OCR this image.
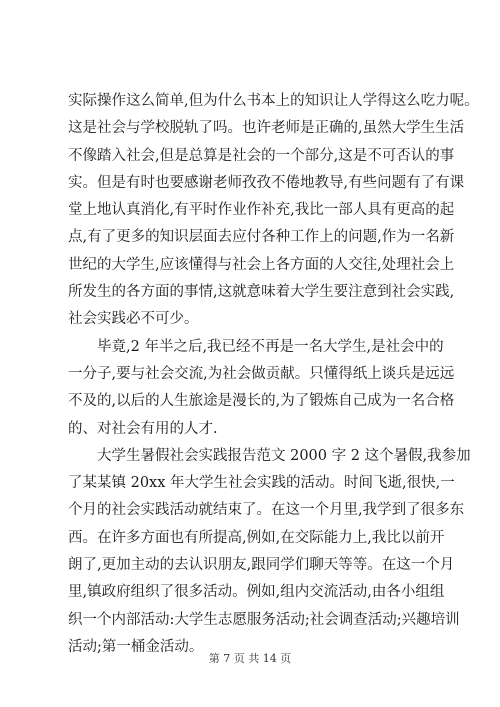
实际操作这么简单,但为什么书本上的知识让人学得这么吃力呢。
这是社会与学校脱轨了吗。也许老师是正确的,虽然大学生生活
不像踏入社会,但是总算是社会的一个部分,这是不可否认的事
实。但是有时也要感谢老师孜孜不倦地教导,有些问题有了有课
堂上地认真消化,有平时作业作补充,我比一部人具有更高的起
点,有了更多的知识层面去应付各种工作上的问题,作为一名新
世纪的大学生,应该懂得与社会上各方面的人交往,处理社会上
所发生的各方面的事情,这就意味着大学生要注意到社会实践,
社会实践必不可少。
毕竟,2 年半之后,我已经不再是一名大学生,是社会中的
一分子,要与社会交流,为社会做贡献。只懂得纸上谈兵是远远
不及的,以后的人生旅途是漫长的,为了锻炼自己成为一名合格
的、对社会有用的人才.
大学生暑假社会实践报告范文 2000 字 2 这个暑假,我参加
了某某镇 20xx 年大学生社会实践的活动。时间飞逝,很快,一
个月的社会实践活动就结束了。在这一个月里,我学到了很多东
西。在许多方面也有所提高,例如,在交际能力上,我比以前开
朗了,更加主动的去认识朋友,跟同学们聊天等等。在这一个月
里,镇政府组织了很多活动。例如,组内交流活动,由各小组组
织一个内部活动:大学生志愿服务活动;社会调查活动;兴趣培训
活动;第一桶金活动。
第 7 页 共 14 页
